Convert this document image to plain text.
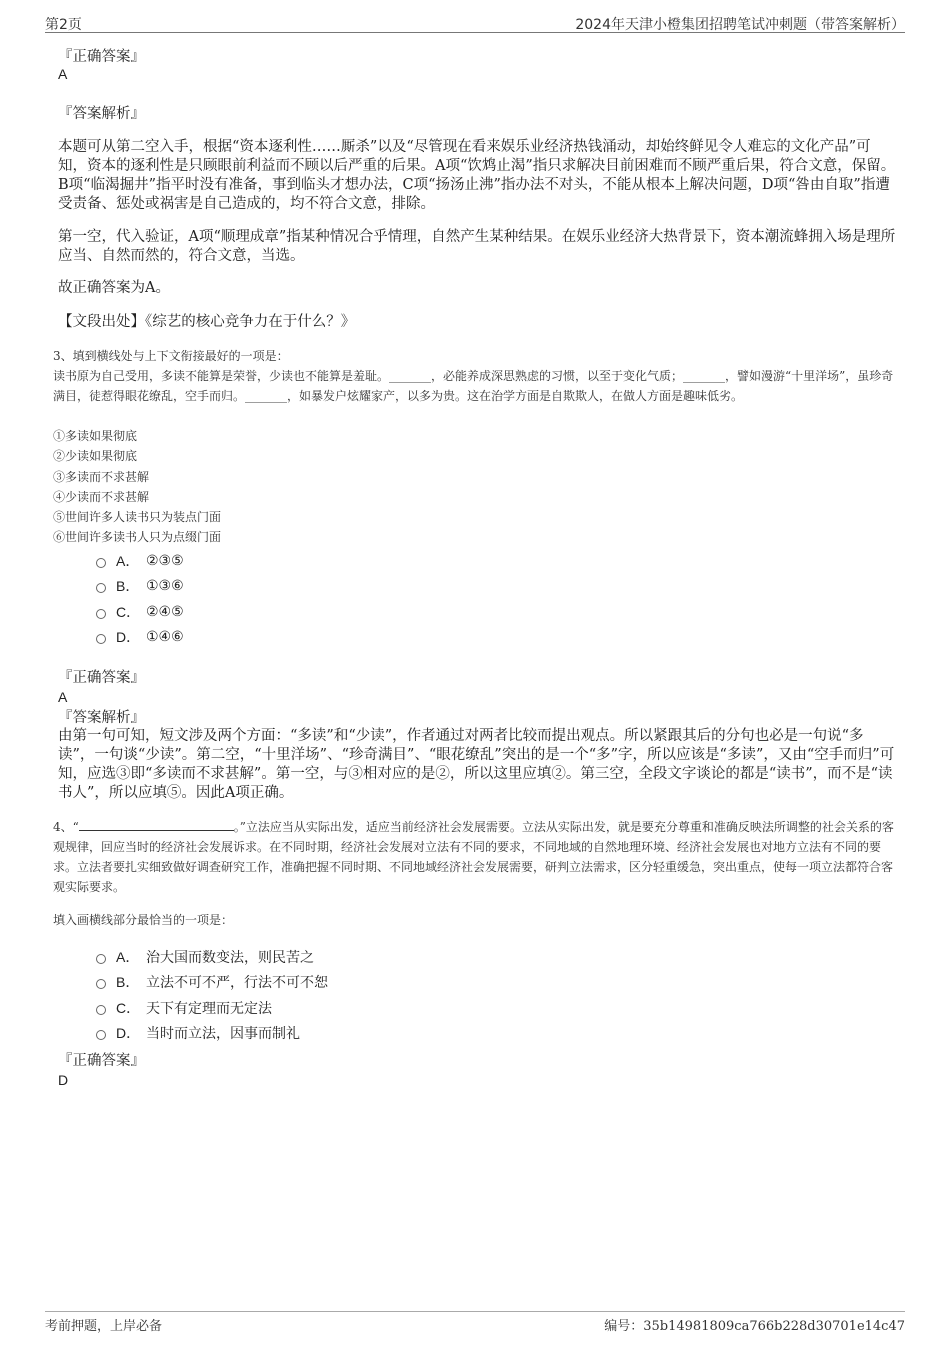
第2页	2024年天津小橙集团招聘笔试冲刺题（带答案解析）
『正确答案』
A
『答案解析』
本题可从第二空入手，根据“资本逐利性……厮杀”以及“尽管现在看来娱乐业经济热钱涌动，却始终鲜见令人难忘的文化产品”可知，资本的逐利性是只顾眼前利益而不顾以后严重的后果。A项“饮鸩止渴”指只求解决目前困难而不顾严重后果，符合文意，保留。B项“临渴掘井”指平时没有准备，事到临头才想办法，C项“扬汤止沸”指办法不对头，不能从根本上解决问题，D项“咎由自取”指遭受责备、惩处或祸害是自己造成的，均不符合文意，排除。
第一空，代入验证，A项“顺理成章”指某种情况合乎情理，自然产生某种结果。在娱乐业经济大热背景下，资本潮流蜂拥入场是理所应当、自然而然的，符合文意，当选。
故正确答案为A。
【文段出处】《综艺的核心竞争力在于什么？》
3、填到横线处与上下文衔接最好的一项是：
读书原为自己受用，多读不能算是荣誉，少读也不能算是羞耻。_______，必能养成深思熟虑的习惯，以至于变化气质；_______，譬如漫游“十里洋场”，虽珍奇满目，徒惹得眼花缭乱，空手而归。_______，如暴发户炫耀家产，以多为贵。这在治学方面是自欺欺人，在做人方面是趣味低劣。
①多读如果彻底
②少读如果彻底
③多读而不求甚解
④少读而不求甚解
⑤世间许多人读书只为装点门面
⑥世间许多读书人只为点缀门面
A． ②③⑤
B． ①③⑥
C． ②④⑤
D． ①④⑥
『正确答案』
A
『答案解析』
由第一句可知，短文涉及两个方面：“多读”和“少读”，作者通过对两者比较而提出观点。所以紧跟其后的分句也必是一句说“多读”，一句谈“少读”。第二空，“十里洋场”、“珍奇满目”、“眼花缭乱”突出的是一个“多”字，所以应该是“多读”，又由“空手而归”可知，应选③即“多读而不求甚解”。第一空，与③相对应的是②，所以这里应填②。第三空，全段文字谈论的都是“读书”，而不是“读书人”，所以应填⑤。因此A项正确。
4、“	。”立法应当从实际出发，适应当前经济社会发展需要。立法从实际出发，就是要充分尊重和准确反映法所调整的社会关系的客观规律，回应当时的经济社会发展诉求。在不同时期，经济社会发展对立法有不同的要求，不同地域的自然地理环境、经济社会发展也对地方立法有不同的要求。立法者要扎实细致做好调查研究工作，准确把握不同时期、不同地域经济社会发展需要，研判立法需求，区分轻重缓急，突出重点，使每一项立法都符合客观实际要求。
填入画横线部分最恰当的一项是：
A． 治大国而数变法，则民苦之
B． 立法不可不严，行法不可不恕
C． 天下有定理而无定法
D． 当时而立法，因事而制礼
『正确答案』
D
考前押题，上岸必备	编号：35b14981809ca766b228d30701e14c47
